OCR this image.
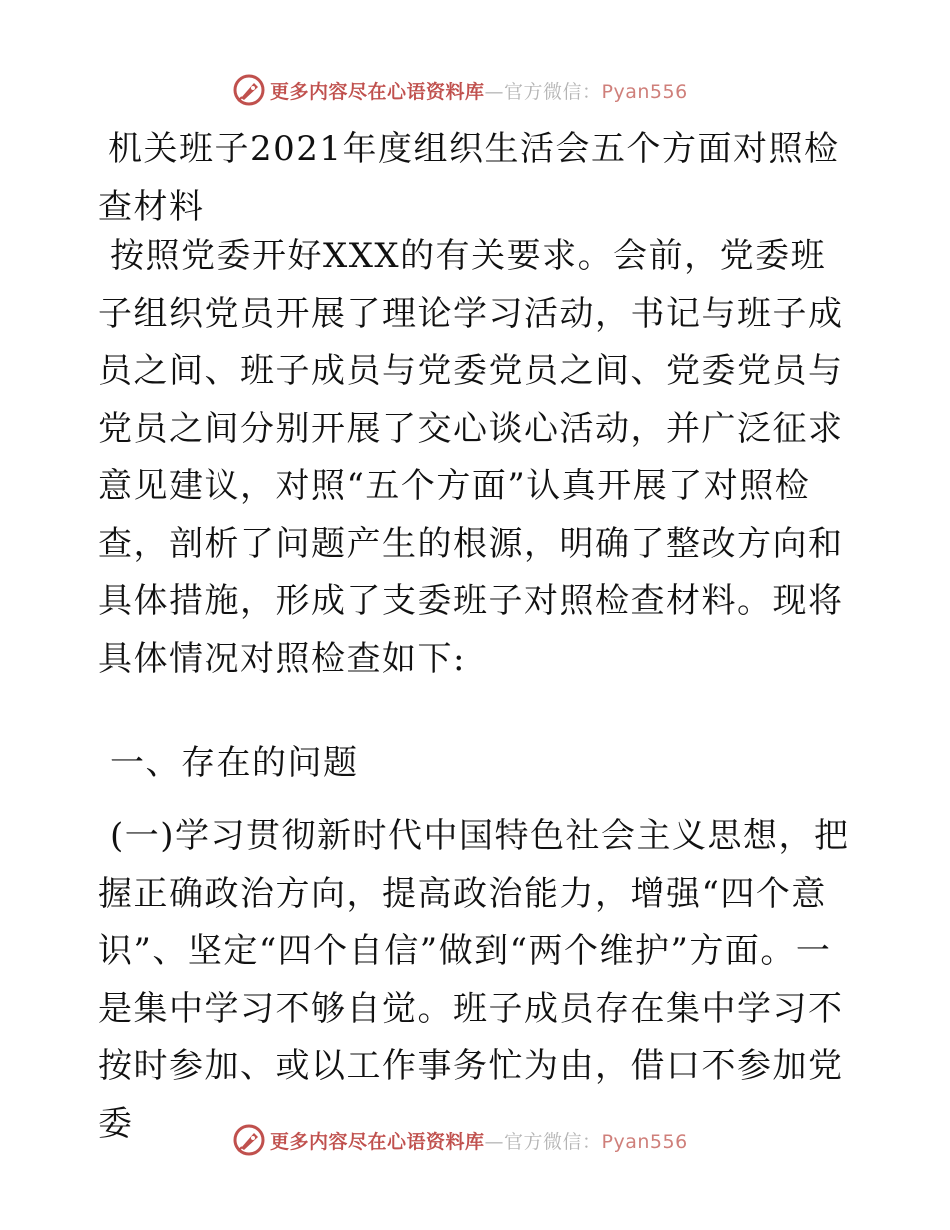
更多内容尽在心语资料库—官方微信：Pyan556

机关班子2021年度组织生活会五个方面对照检查材料

按照党委开好XXX的有关要求。会前，党委班子组织党员开展了理论学习活动，书记与班子成员之间、班子成员与党委党员之间、党委党员与党员之间分别开展了交心谈心活动，并广泛征求意见建议，对照“五个方面”认真开展了对照检查，剖析了问题产生的根源，明确了整改方向和具体措施，形成了支委班子对照检查材料。现将具体情况对照检查如下:

一、存在的问题

(一)学习贯彻新时代中国特色社会主义思想，把握正确政治方向，提高政治能力，增强“四个意识”、坚定“四个自信”做到“两个维护”方面。一是集中学习不够自觉。班子成员存在集中学习不按时参加、或以工作事务忙为由，借口不参加党委	更多内容尽在心语资料库—官方微信：Pyan556
